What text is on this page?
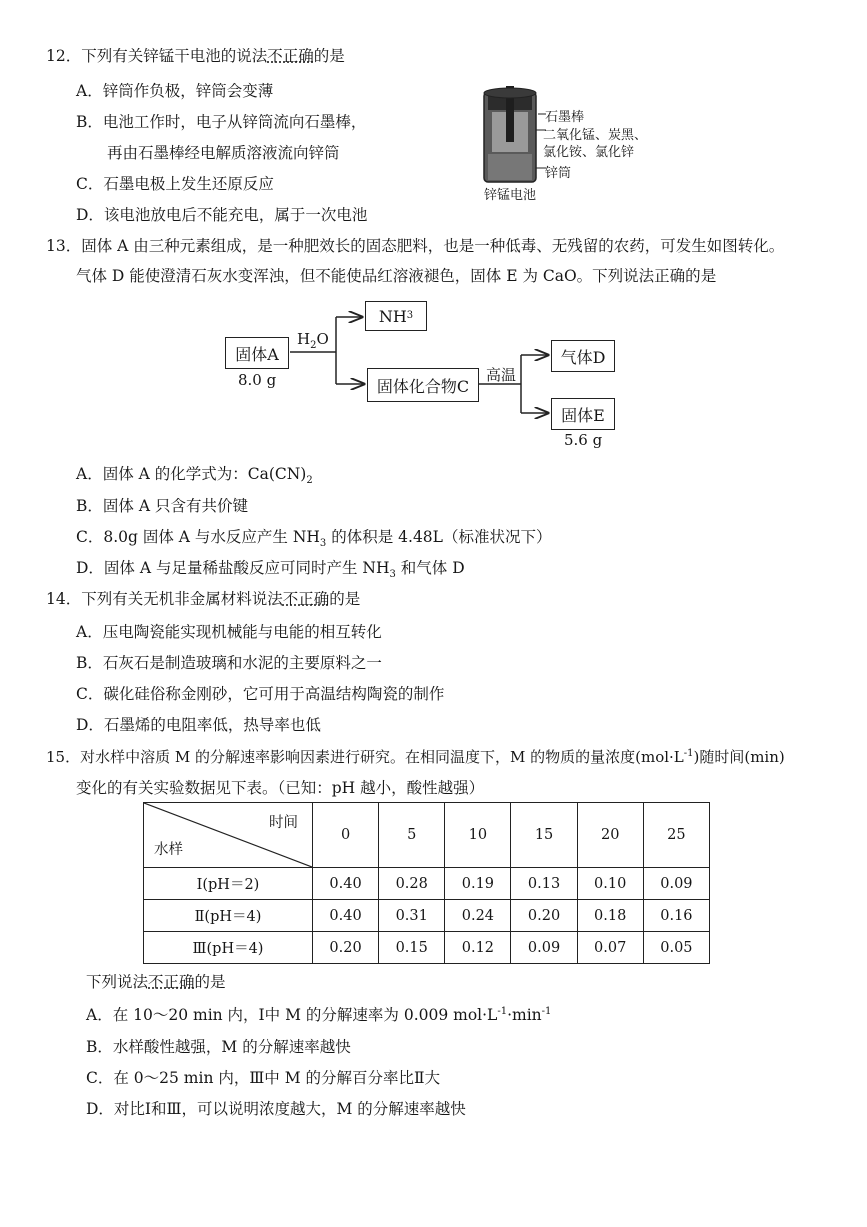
12．下列有关锌锰干电池的说法不正确的是
A．锌筒作负极，锌筒会变薄
B．电池工作时，电子从锌筒流向石墨棒，
再由石墨棒经电解质溶液流向锌筒
C．石墨电极上发生还原反应
D．该电池放电后不能充电，属于一次电池
石墨棒
二氧化锰、炭黑、
氯化铵、氯化锌
锌筒
锌锰电池
13．固体 A 由三种元素组成，是一种肥效长的固态肥料，也是一种低毒、无残留的农药，可发生如图转化。
气体 D 能使澄清石灰水变浑浊，但不能使品红溶液褪色，固体 E 为 CaO。下列说法正确的是
固体A
8.0 g
$H_2O$
NH 3
固体化合物C
高温
气体D
固体E
5.6 g
A．固体 A 的化学式为：$Ca(CN)_2$
B．固体 A 只含有共价键
C．8.0g 固体 A 与水反应产生 $NH_3$ 的体积是 4.48L（标准状况下）
D．固体 A 与足量稀盐酸反应可同时产生 $NH_3$ 和气体 D
14．下列有关无机非金属材料说法不正确的是
A．压电陶瓷能实现机械能与电能的相互转化
B．石灰石是制造玻璃和水泥的主要原料之一
C．碳化硅俗称金刚砂，它可用于高温结构陶瓷的制作
D．石墨烯的电阻率低，热导率也低
15．对水样中溶质 M 的分解速率影响因素进行研究。在相同温度下，M 的物质的量浓度$(mol\cdot L^{-1})$随时间(min)
变化的有关实验数据见下表。（已知：pH 越小，酸性越强）
时间
水样	0	5	10	15	20	25
Ⅰ(pH＝2)	0.40	0.28	0.19	0.13	0.10	0.09
Ⅱ(pH＝4)	0.40	0.31	0.24	0.20	0.18	0.16
Ⅲ(pH＝4)	0.20	0.15	0.12	0.09	0.07	0.05
下列说法不正确的是
A．在 10～20 min 内，Ⅰ中 M 的分解速率为 0.009 $mol\cdot L^{-1}\cdot\min^{-1}$
B．水样酸性越强，M 的分解速率越快
C．在 0～25 min 内，Ⅲ中 M 的分解百分率比Ⅱ大
D．对比Ⅰ和Ⅲ，可以说明浓度越大，M 的分解速率越快
